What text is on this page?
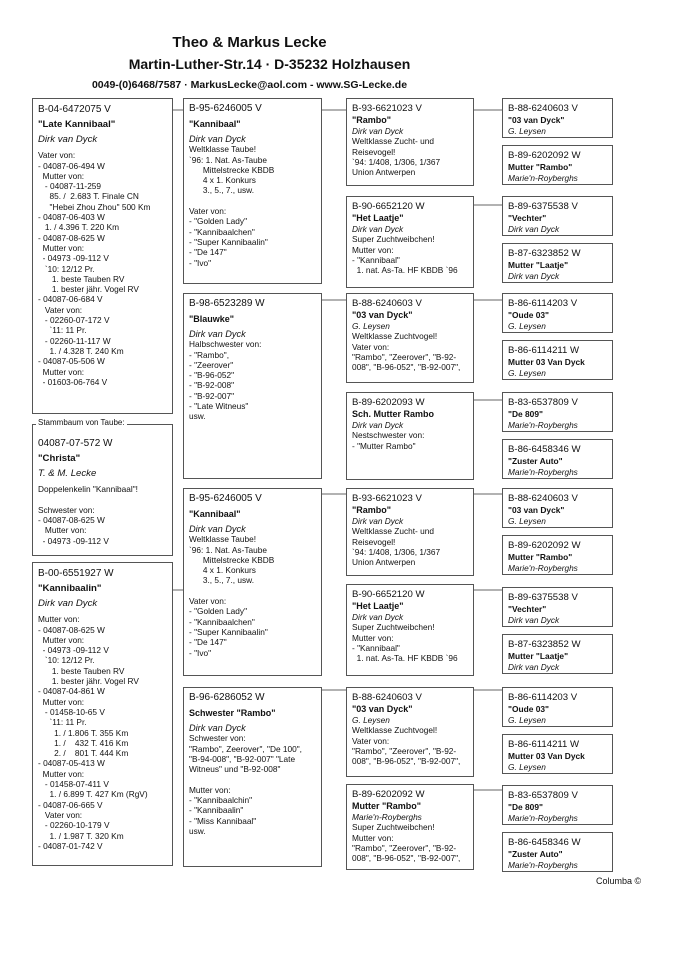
Theo & Markus Lecke
Martin-Luther-Str.14 · D-35232 Holzhausen
0049-(0)6468/7587 · MarkusLecke@aol.com - www.SG-Lecke.de
B-04-6472075 V
"Late Kannibaal"
Dirk van Dyck
Vater von:
- 04087-06-494 W
Mutter von:
- 04087-11-259
85. /  2.683 T. Finale CN
"Hebei Zhou Zhou" 500 Km
- 04087-06-403 W
1. / 4.396 T. 220 Km
- 04087-08-625 W
Mutter von:
- 04973 -09-112 V
`10: 12/12 Pr.
1. beste Tauben RV
1. bester jähr. Vogel RV
- 04087-06-684 V
Vater von:
- 02260-07-172 V
`11: 11 Pr.
- 02260-11-117 W
1. / 4.328 T. 240 Km
- 04087-05-506 W
Mutter von:
- 01603-06-764 V
04087-07-572 W
"Christa"
T. & M. Lecke
Doppelenkelin "Kannibaal"!

Schwester von:
- 04087-08-625 W
Mutter von:
- 04973 -09-112 V
Stammbaum von Taube:
B-00-6551927 W
"Kannibaalin"
Dirk van Dyck
Mutter von:
- 04087-08-625 W
Mutter von:
- 04973 -09-112 V
`10: 12/12 Pr.
1. beste Tauben RV
1. bester jähr. Vogel RV
- 04087-04-861 W
Mutter von:
- 01458-10-65 V
`11: 11 Pr.
1. / 1.806 T. 355 Km
1. /    432 T. 416 Km
2. /    801 T. 444 Km
- 04087-05-413 W
Mutter von:
- 01458-07-411 V
1. / 6.899 T. 427 Km (RgV)
- 04087-06-665 V
Vater von:
- 02260-10-179 V
1. / 1.987 T. 320 Km
- 04087-01-742 V
B-95-6246005 V
"Kannibaal"
Dirk van Dyck
Weltklasse Taube!
`96: 1. Nat. As-Taube
Mittelstrecke KBDB
4 x 1. Konkurs
3., 5., 7., usw.

Vater von:
- "Golden Lady"
- "Kannibaalchen"
- "Super Kannibaalin"
- "De 147"
- "Ivo"
B-98-6523289 W
"Blauwke"
Dirk van Dyck
Halbschwester von:
- "Rambo",
- "Zeerover"
- "B-96-052"
- "B-92-008"
- "B-92-007"
- "Late Witneus"
usw.
B-95-6246005 V
"Kannibaal"
Dirk van Dyck
Weltklasse Taube!
`96: 1. Nat. As-Taube
Mittelstrecke KBDB
4 x 1. Konkurs
3., 5., 7., usw.

Vater von:
- "Golden Lady"
- "Kannibaalchen"
- "Super Kannibaalin"
- "De 147"
- "Ivo"
B-96-6286052 W
Schwester "Rambo"
Dirk van Dyck
Schwester von:
"Rambo", Zeerover", "De 100",
"B-94-008", "B-92-007" "Late
Witneus" und "B-92-008"

Mutter von:
- "Kannibaalchin"
- "Kannibaalin"
- "Miss Kannibaal"
usw.
B-93-6621023 V
"Rambo"
Dirk van Dyck
Weltklasse Zucht- und
Reisevogel!
`94: 1/408, 1/306, 1/367
Union Antwerpen
B-90-6652120 W
"Het Laatje"
Dirk van Dyck
Super Zuchtweibchen!
Mutter von:
- "Kannibaal"
1. nat. As-Ta. HF KBDB `96
B-88-6240603 V
"03 van Dyck"
G. Leysen
Weltklasse Zuchtvogel!
Vater von:
"Rambo", "Zeerover", "B-92-
008", "B-96-052", "B-92-007",
B-89-6202093 W
Sch. Mutter Rambo
Dirk van Dyck
Nestschwester von:
- "Mutter Rambo"
B-93-6621023 V
"Rambo"
Dirk van Dyck
Weltklasse Zucht- und
Reisevogel!
`94: 1/408, 1/306, 1/367
Union Antwerpen
B-90-6652120 W
"Het Laatje"
Dirk van Dyck
Super Zuchtweibchen!
Mutter von:
- "Kannibaal"
1. nat. As-Ta. HF KBDB `96
B-88-6240603 V
"03 van Dyck"
G. Leysen
Weltklasse Zuchtvogel!
Vater von:
"Rambo", "Zeerover", "B-92-
008", "B-96-052", "B-92-007",
B-89-6202092 W
Mutter "Rambo"
Marie'n-Royberghs
Super Zuchtweibchen!
Mutter von:
"Rambo", "Zeerover", "B-92-
008", "B-96-052", "B-92-007",
B-88-6240603 V
"03 van Dyck"
G. Leysen
B-89-6202092 W
Mutter "Rambo"
Marie'n-Royberghs
B-89-6375538 V
"Vechter"
Dirk van Dyck
B-87-6323852 W
Mutter "Laatje"
Dirk van Dyck
B-86-6114203 V
"Oude 03"
G. Leysen
B-86-6114211 W
Mutter 03 Van Dyck
G. Leysen
B-83-6537809 V
"De 809"
Marie'n-Royberghs
B-86-6458346 W
"Zuster Auto"
Marie'n-Royberghs
B-88-6240603 V
"03 van Dyck"
G. Leysen
B-89-6202092 W
Mutter "Rambo"
Marie'n-Royberghs
B-89-6375538 V
"Vechter"
Dirk van Dyck
B-87-6323852 W
Mutter "Laatje"
Dirk van Dyck
B-86-6114203 V
"Oude 03"
G. Leysen
B-86-6114211 W
Mutter 03 Van Dyck
G. Leysen
B-83-6537809 V
"De 809"
Marie'n-Royberghs
B-86-6458346 W
"Zuster Auto"
Marie'n-Royberghs
Columba ©
